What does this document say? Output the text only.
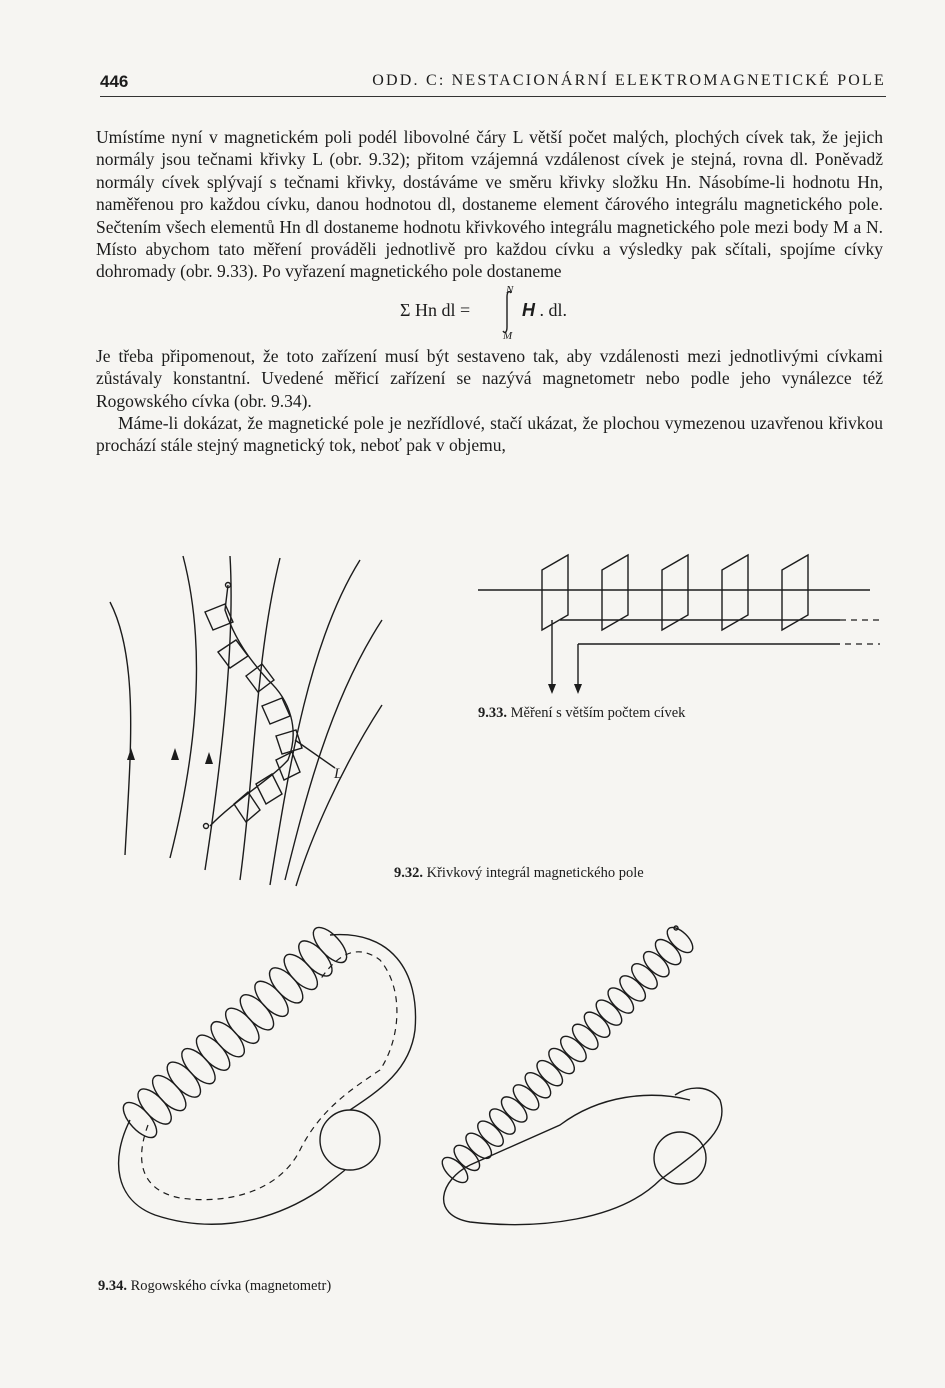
446	ODD. C: NESTACIONÁRNÍ ELEKTROMAGNETICKÉ POLE

Umístíme nyní v magnetickém poli podél libovolné čáry L větší počet malých, plochých cívek tak, že jejich normály jsou tečnami křivky L (obr. 9.32); přitom vzájemná vzdálenost cívek je stejná, rovna dl. Poněvadž normály cívek splývají s tečnami křivky, dostáváme ve směru křivky složku Hn. Násobíme-li hodnotu Hn, naměřenou pro každou cívku, danou hodnotou dl, dostaneme element čárového integrálu magnetického pole. Sečtením všech elementů Hn dl dostaneme hodnotu křivkového integrálu magnetického pole mezi body M a N. Místo abychom tato měření prováděli jednotlivě pro každou cívku a výsledky pak sčítali, spojíme cívky dohromady (obr. 9.33). Po vyřazení magnetického pole dostaneme

Σ Hn dl =
N
M
H . dl.

Je třeba připomenout, že toto zařízení musí být sestaveno tak, aby vzdálenosti mezi jednotlivými cívkami zůstávaly konstantní. Uvedené měřicí zařízení se nazývá magnetometr nebo podle jeho vynálezce též Rogowského cívka (obr. 9.34).

Máme-li dokázat, že magnetické pole je nezřídlové, stačí ukázat, že plochou vymezenou uzavřenou křivkou prochází stále stejný magnetický tok, neboť pak v objemu,

L
9.33. Měření s větším počtem cívek
9.32. Křivkový integrál magnetického pole
9.34. Rogowského cívka (magnetometr)
